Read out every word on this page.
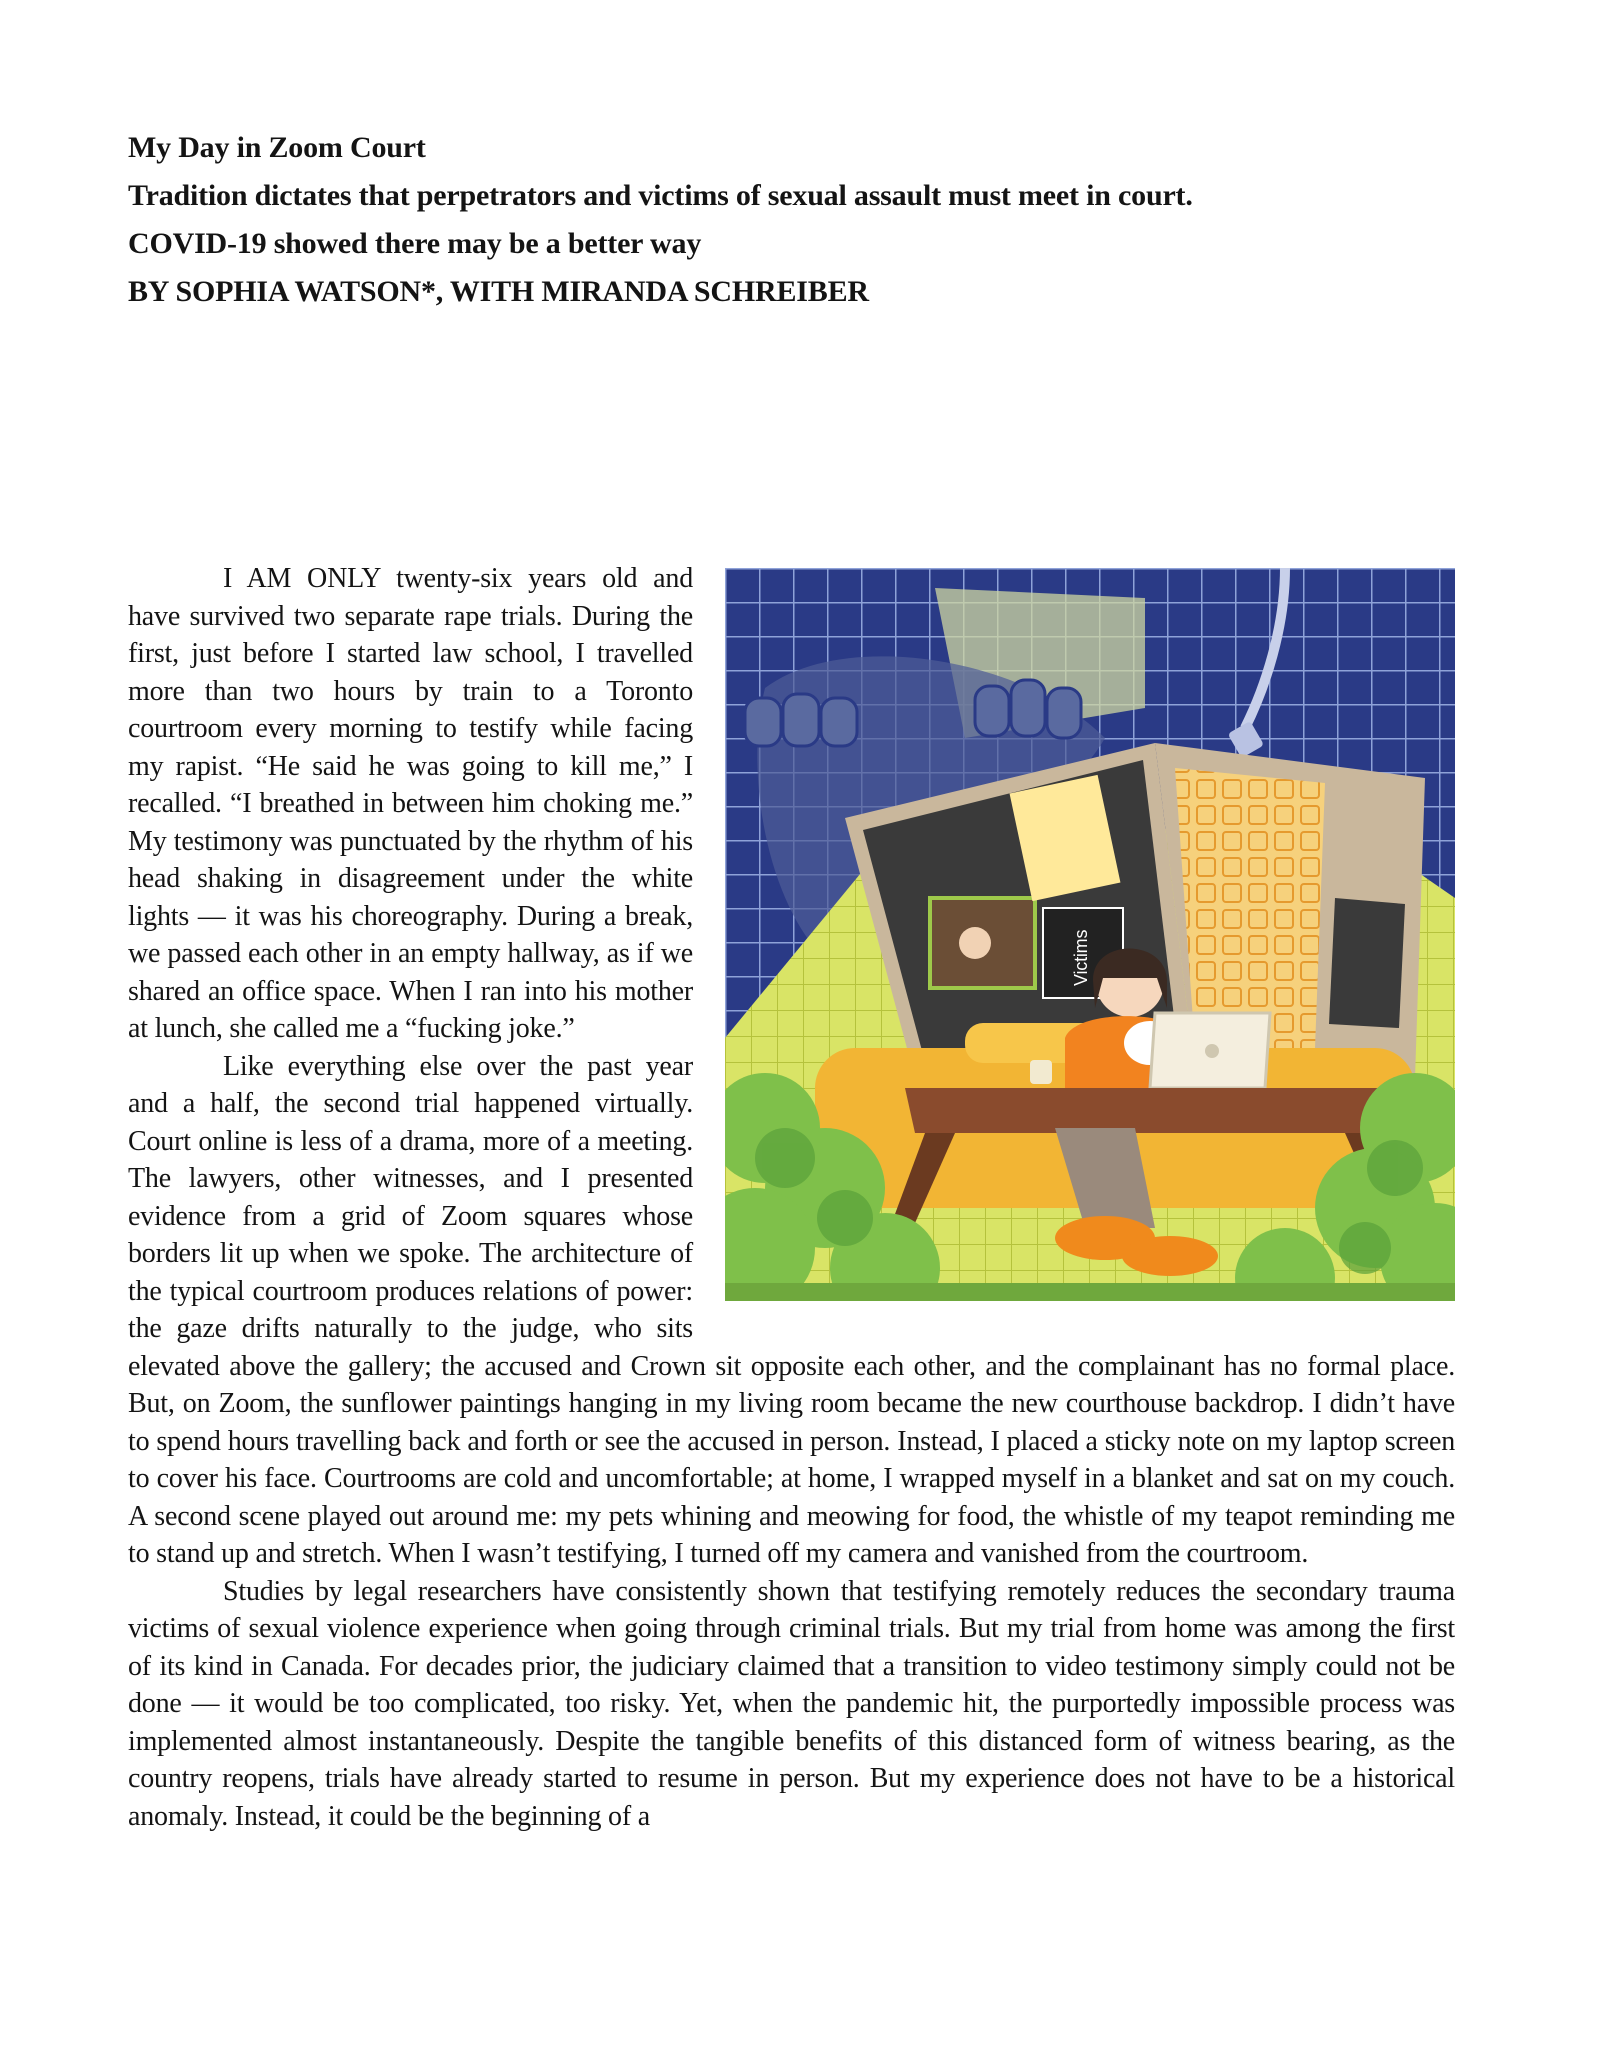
My Day in Zoom Court
Tradition dictates that perpetrators and victims of sexual assault must meet in court.
COVID-19 showed there may be a better way
BY SOPHIA WATSON*, WITH MIRANDA SCHREIBER
Victims

I AM ONLY twenty-six years old and have survived two separate rape trials. During the first, just before I started law school, I travelled more than two hours by train to a Toronto courtroom every morning to testify while facing my rapist. “He said he was going to kill me,” I recalled. “I breathed in between him choking me.” My testimony was punctuated by the rhythm of his head shaking in disagreement under the white lights — it was his choreography. During a break, we passed each other in an empty hallway, as if we shared an office space. When I ran into his mother at lunch, she called me a “fucking joke.”

Like everything else over the past year and a half, the second trial happened virtually. Court online is less of a drama, more of a meeting. The lawyers, other witnesses, and I presented evidence from a grid of Zoom squares whose borders lit up when we spoke. The architecture of the typical courtroom produces relations of power: the gaze drifts naturally to the judge, who sits elevated above the gallery; the accused and Crown sit opposite each other, and the complainant has no formal place. But, on Zoom, the sunflower paintings hanging in my living room became the new courthouse backdrop. I didn’t have to spend hours travelling back and forth or see the accused in person. Instead, I placed a sticky note on my laptop screen to cover his face. Courtrooms are cold and uncomfortable; at home, I wrapped myself in a blanket and sat on my couch. A second scene played out around me: my pets whining and meowing for food, the whistle of my teapot reminding me to stand up and stretch. When I wasn’t testifying, I turned off my camera and vanished from the courtroom.

Studies by legal researchers have consistently shown that testifying remotely reduces the secondary trauma victims of sexual violence experience when going through criminal trials. But my trial from home was among the first of its kind in Canada. For decades prior, the judiciary claimed that a transition to video testimony simply could not be done — it would be too complicated, too risky. Yet, when the pandemic hit, the purportedly impossible process was implemented almost instantaneously. Despite the tangible benefits of this distanced form of witness bearing, as the country reopens, trials have already started to resume in person. But my experience does not have to be a historical anomaly. Instead, it could be the beginning of a
